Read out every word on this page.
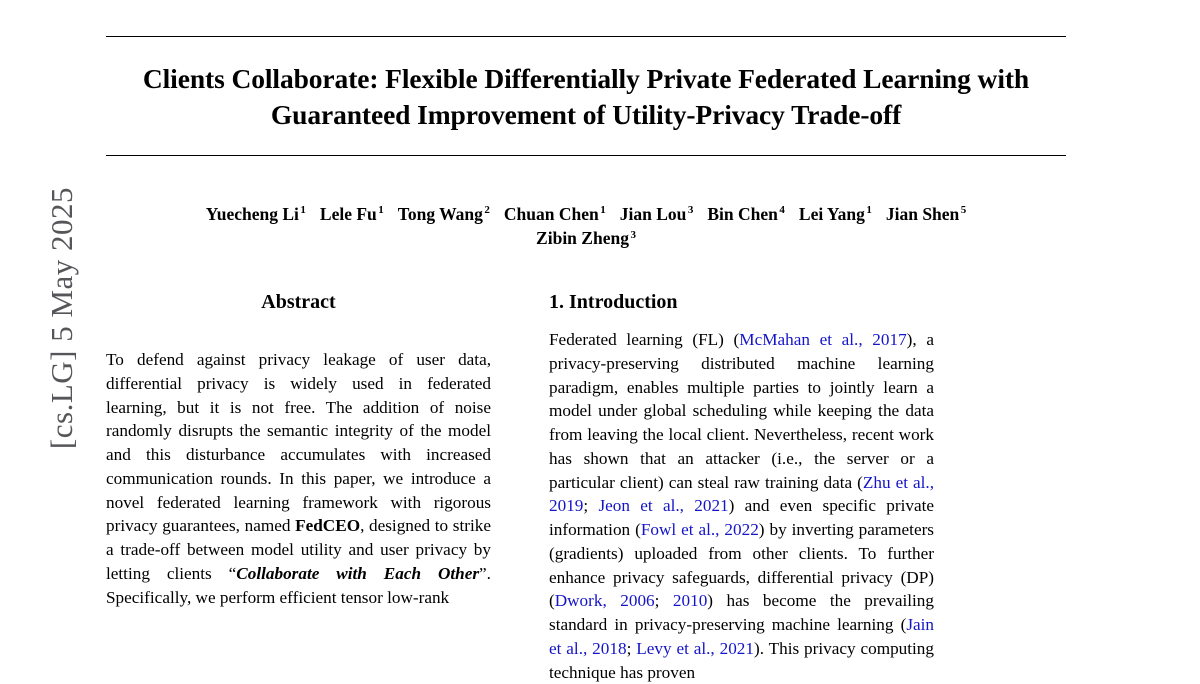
[cs.LG] 5 May 2025
Clients Collaborate: Flexible Differentially Private Federated Learning with Guaranteed Improvement of Utility-Privacy Trade-off
Yuecheng Li $^1$ Lele Fu $^1$ Tong Wang $^2$ Chuan Chen $^1$ Jian Lou $^3$ Bin Chen $^4$ Lei Yang $^1$ Jian Shen $^5$
Zibin Zheng $^3$
Abstract

To defend against privacy leakage of user data, differential privacy is widely used in federated learning, but it is not free. The addition of noise randomly disrupts the semantic integrity of the model and this disturbance accumulates with increased communication rounds. In this paper, we introduce a novel federated learning framework with rigorous privacy guarantees, named FedCEO, designed to strike a trade-off between model utility and user privacy by letting clients “Collaborate with Each Other”. Specifically, we perform efficient tensor low-rank

1. Introduction

Federated learning (FL) (McMahan et al., 2017), a privacy-preserving distributed machine learning paradigm, enables multiple parties to jointly learn a model under global scheduling while keeping the data from leaving the local client. Nevertheless, recent work has shown that an attacker (i.e., the server or a particular client) can steal raw training data (Zhu et al., 2019; Jeon et al., 2021) and even specific private information (Fowl et al., 2022) by inverting parameters (gradients) uploaded from other clients. To further enhance privacy safeguards, differential privacy (DP) (Dwork, 2006; 2010) has become the prevailing standard in privacy-preserving machine learning (Jain et al., 2018; Levy et al., 2021). This privacy computing technique has proven
